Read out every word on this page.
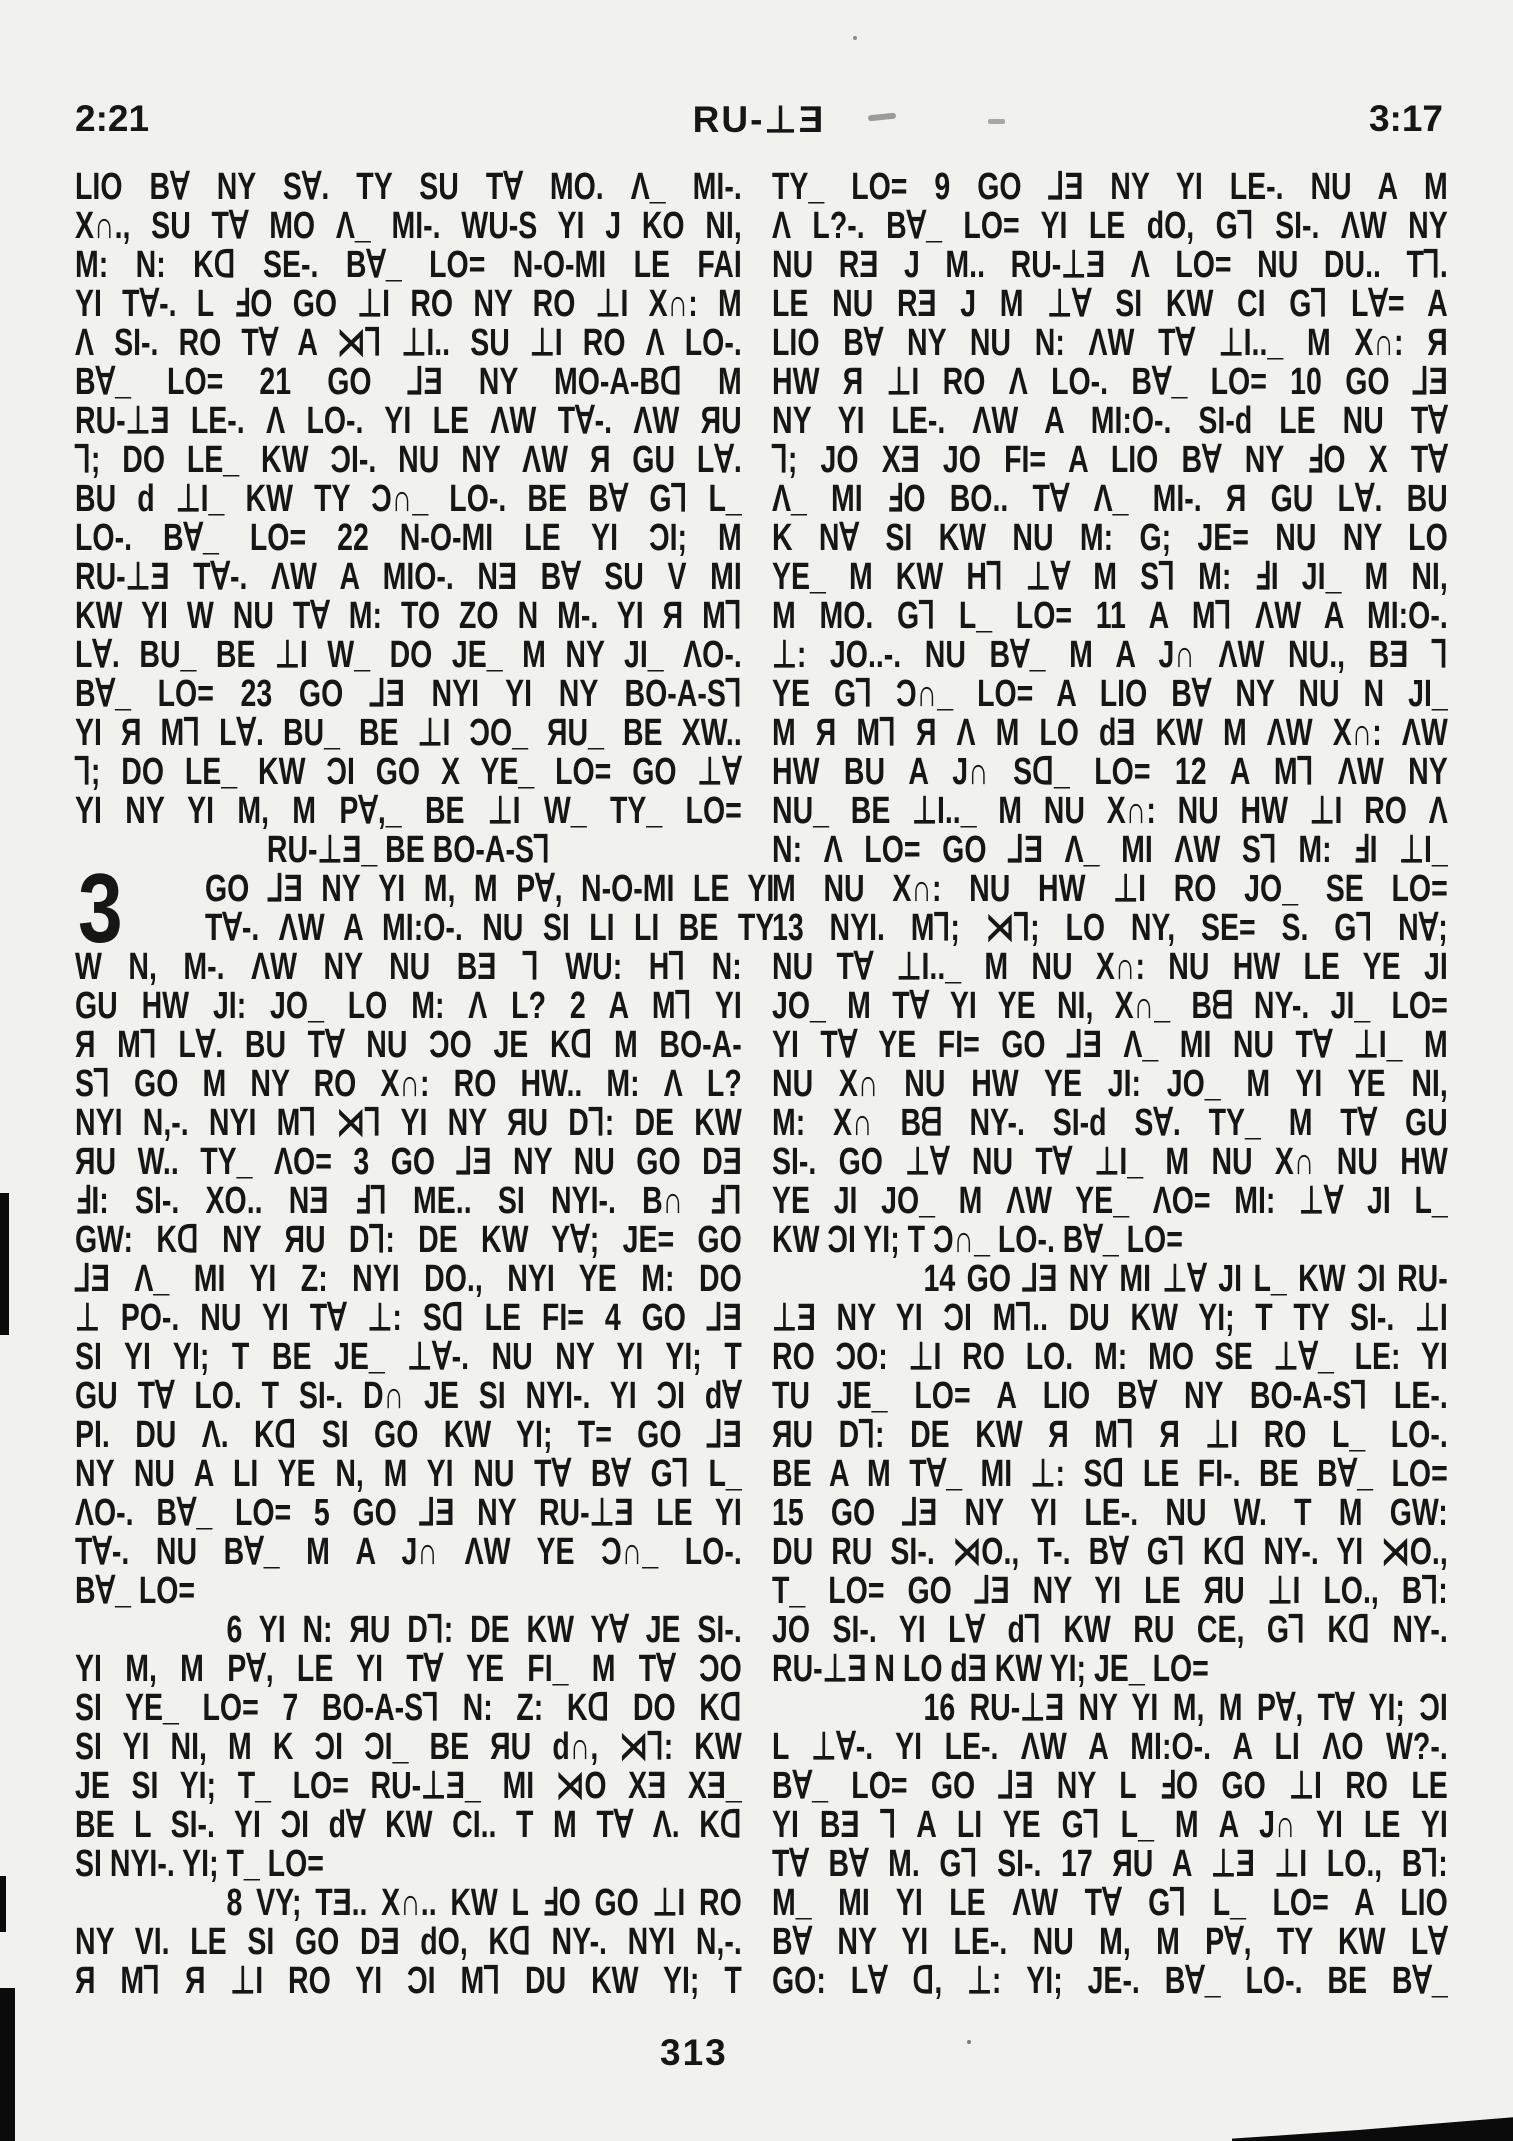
2:21	RU-⊥Ǝ	3:17
LIO B∀ NY S∀. TY SU T∀ MO. Λ_ MI-.
X∩., SU T∀ MO Λ_ MI-. WU-S YI J KO NI,
M: N: Kᗡ SE-. B∀_ LO= N-O-MI LE FAI
YI T∀-. L ℲO GO ⊥I RO NY RO ⊥I X∩: M
Λ SI-. RO T∀ A ⋊⅂ ⊥I.. SU ⊥I RO Λ LO-.
B∀_ LO= 21 GO ⅃Ǝ NY MO-A-Bᗡ M
RU-⊥Ǝ LE-. Λ LO-. YI LE ΛW T∀-. ΛW ЯU
⅂; DO LE_ KW ƆI-. NU NY ΛW Я GU L∀.
BU d ⊥I_ KW TY Ɔ∩_ LO-. BE B∀ G⅂ L_
LO-. B∀_ LO= 22 N-O-MI LE YI ƆI; M
RU-⊥Ǝ T∀-. ΛW A MIO-. NƎ B∀ SU V MI
KW YI W NU T∀ M: TO ZO N M-. YI Я M⅂
L∀. BU_ BE ⊥I W_ DO JE_ M NY JI_ ΛO-.
B∀_ LO= 23 GO ⅃Ǝ NYI YI NY BO-A-S⅂
YI Я M⅂ L∀. BU_ BE ⊥I ƆO_ ЯU_ BE XW..
⅂; DO LE_ KW ƆI GO X YE_ LO= GO ⊥∀
YI NY YI M, M P∀,_ BE ⊥I W_ TY_ LO=
RU-⊥Ǝ_ BE BO-A-S⅂
GO ⅃Ǝ NY YI M, M P∀, N-O-MI LE YI
T∀-. ΛW A MI:O-. NU SI LI LI BE TY
W N, M-. ΛW NY NU BƎ ⅂ WU: H⅂ N:
GU HW JI: JO_ LO M: Λ L? 2 A M⅂ YI
Я M⅂ L∀. BU T∀ NU ƆO JE Kᗡ M BO-A-
S⅂ GO M NY RO X∩: RO HW.. M: Λ L?
NYI N,-. NYI M⅂ ⋊⅂ YI NY ЯU D⅂: DE KW
ЯU W.. TY_ ΛO= 3 GO ⅃Ǝ NY NU GO DƎ
ℲI: SI-. XO.. NƎ Ⅎ⅂ ME.. SI NYI-. B∩ Ⅎ⅂
GW: Kᗡ NY ЯU D⅂: DE KW Y∀; JE= GO
⅃Ǝ Λ_ MI YI Z: NYI DO., NYI YE M: DO
⊥ PO-. NU YI T∀ ⊥: Sᗡ LE FI= 4 GO ⅃Ǝ
SI YI YI; T BE JE_ ⊥∀-. NU NY YI YI; T
GU T∀ LO. T SI-. D∩ JE SI NYI-. YI ƆI d∀
PI. DU Λ. Kᗡ SI GO KW YI; T= GO ⅃Ǝ
NY NU A LI YE N, M YI NU T∀ B∀ G⅂ L_
ΛO-. B∀_ LO= 5 GO ⅃Ǝ NY RU-⊥Ǝ LE YI
T∀-. NU B∀_ M A J∩ ΛW YE Ɔ∩_ LO-.
B∀_ LO=
6 YI N: ЯU D⅂: DE KW Y∀ JE SI-.
YI M, M P∀, LE YI T∀ YE FI_ M T∀ ƆO
SI YE_ LO= 7 BO-A-S⅂ N: Z: Kᗡ DO Kᗡ
SI YI NI, M K ƆI ƆI_ BE ЯU d∩, ⋊⅂: KW
JE SI YI; T_ LO= RU-⊥Ǝ_ MI ⋊O XƎ XƎ_
BE L SI-. YI ƆI d∀ KW CI.. T M T∀ Λ. Kᗡ
SI NYI-. YI; T_ LO=
8 VY; TƎ.. X∩.. KW L ℲO GO ⊥I RO
NY VI. LE SI GO DƎ dO, Kᗡ NY-. NYI N,-.
Я M⅂ Я ⊥I RO YI ƆI M⅂ DU KW YI; T
TY_ LO= 9 GO ⅃Ǝ NY YI LE-. NU A M
Λ L?-. B∀_ LO= YI LE dO, G⅂ SI-. ΛW NY
NU RƎ J M.. RU-⊥Ǝ Λ LO= NU DU.. T⅂.
LE NU RƎ J M ⊥∀ SI KW CI G⅂ L∀= A
LIO B∀ NY NU N: ΛW T∀ ⊥I.._ M X∩: Я
HW Я ⊥I RO Λ LO-. B∀_ LO= 10 GO ⅃Ǝ
NY YI LE-. ΛW A MI:O-. SI-d LE NU T∀
⅂; JO XƎ JO FI= A LIO B∀ NY ℲO X T∀
Λ_ MI ℲO BO.. T∀ Λ_ MI-. Я GU L∀. BU
K N∀ SI KW NU M: G; JE= NU NY LO
YE_ M KW H⅂ ⊥∀ M S⅂ M: ℲI JI_ M NI,
M MO. G⅂ L_ LO= 11 A M⅂ ΛW A MI:O-.
⊥: JO..-. NU B∀_ M A J∩ ΛW NU., BƎ ⅂
YE G⅂ Ɔ∩_ LO= A LIO B∀ NY NU N JI_
M Я M⅂ Я Λ M LO dƎ KW M ΛW X∩: ΛW
HW BU A J∩ Sᗡ_ LO= 12 A M⅂ ΛW NY
NU_ BE ⊥I.._ M NU X∩: NU HW ⊥I RO Λ
N: Λ LO= GO ⅃Ǝ Λ_ MI ΛW S⅂ M: ℲI ⊥I_
M NU X∩: NU HW ⊥I RO JO_ SE LO=
13 NYI. M⅂; ⋊⅂; LO NY, SE= S. G⅂ N∀;
NU T∀ ⊥I.._ M NU X∩: NU HW LE YE JI
JO_ M T∀ YI YE NI, X∩_ Bᗺ NY-. JI_ LO=
YI T∀ YE FI= GO ⅃Ǝ Λ_ MI NU T∀ ⊥I_ M
NU X∩ NU HW YE JI: JO_ M YI YE NI,
M: X∩ Bᗺ NY-. SI-d S∀. TY_ M T∀ GU
SI-. GO ⊥∀ NU T∀ ⊥I_ M NU X∩ NU HW
YE JI JO_ M ΛW YE_ ΛO= MI: ⊥∀ JI L_
KW ƆI YI; T Ɔ∩_ LO-. B∀_ LO=
14 GO ⅃Ǝ NY MI ⊥∀ JI L_ KW ƆI RU-
⊥Ǝ NY YI ƆI M⅂.. DU KW YI; T TY SI-. ⊥I
RO ƆO: ⊥I RO LO. M: MO SE ⊥∀_ LE: YI
TU JE_ LO= A LIO B∀ NY BO-A-S⅂ LE-.
ЯU D⅂: DE KW Я M⅂ Я ⊥I RO L_ LO-.
BE A M T∀_ MI ⊥: Sᗡ LE FI-. BE B∀_ LO=
15 GO ⅃Ǝ NY YI LE-. NU W. T M GW:
DU RU SI-. ⋊O., T-. B∀ G⅂ Kᗡ NY-. YI ⋊O.,
T_ LO= GO ⅃Ǝ NY YI LE ЯU ⊥I LO., B⅂:
JO SI-. YI L∀ d⅂ KW RU CE, G⅂ Kᗡ NY-.
RU-⊥Ǝ N LO dƎ KW YI; JE_ LO=
16 RU-⊥Ǝ NY YI M, M P∀, T∀ YI; ƆI
L ⊥∀-. YI LE-. ΛW A MI:O-. A LI ΛO W?-.
B∀_ LO= GO ⅃Ǝ NY L ℲO GO ⊥I RO LE
YI BƎ ⅂ A LI YE G⅂ L_ M A J∩ YI LE YI
T∀ B∀ M. G⅂ SI-. 17 ЯU A ⊥Ǝ ⊥I LO., B⅂:
M_ MI YI LE ΛW T∀ G⅂ L_ LO= A LIO
B∀ NY YI LE-. NU M, M P∀, TY KW L∀
GO: L∀ ᗡ, ⊥: YI; JE-. B∀_ LO-. BE B∀_
3
313
